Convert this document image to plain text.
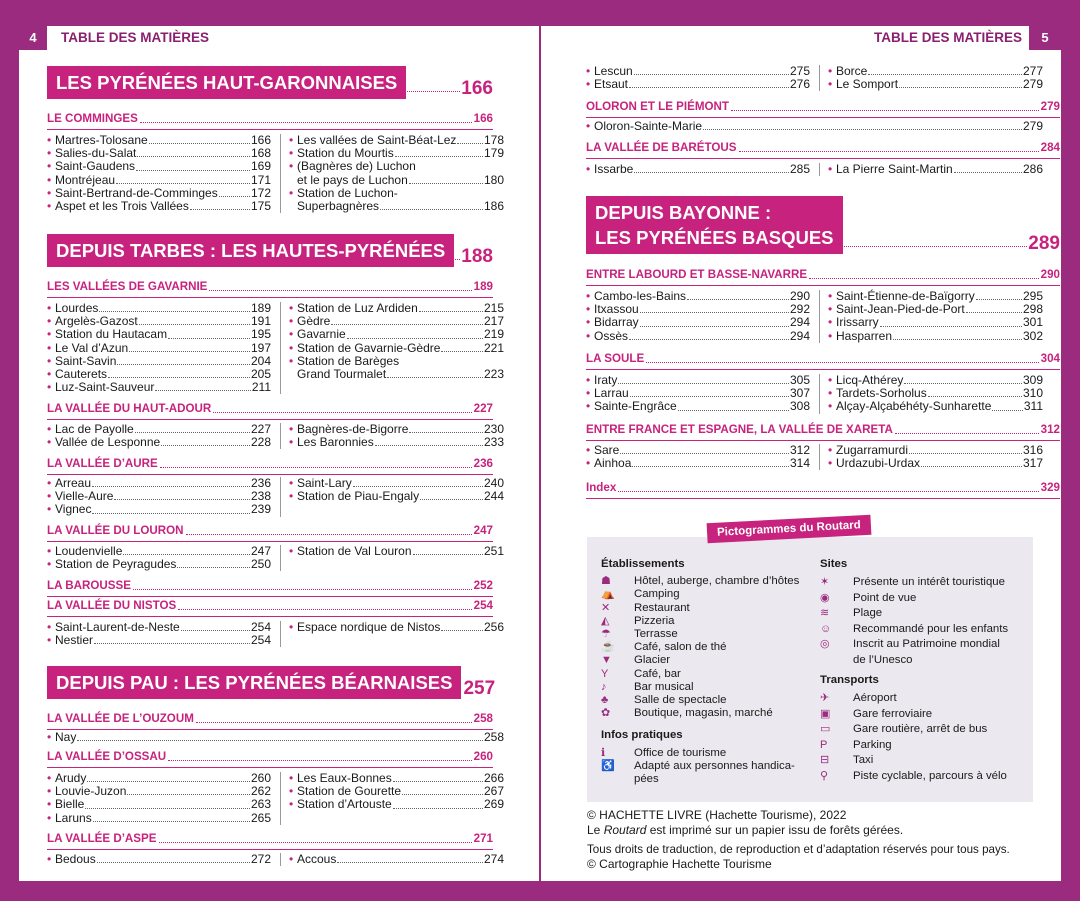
4	TABLE DES MATIÈRES
LES PYRÉNÉES HAUT-GARONNAISES	166
LE COMMINGES	166
• Martres-Tolosane	166
• Salies-du-Salat	168
• Saint-Gaudens	169
• Montréjeau	171
• Saint-Bertrand-de-Comminges	172
• Aspet et les Trois Vallées	175
• Les vallées de Saint-Béat-Lez 178
• Station du Mourtis	179
• (Bagnères de) Luchon
et le pays de Luchon	180
• Station de Luchon-
Superbagnères	186
DEPUIS TARBES : LES HAUTES-PYRÉNÉES 188
LES VALLÉES DE GAVARNIE	189
• Lourdes	189
• Argelès-Gazost	191
• Station du Hautacam	195
• Le Val d’Azun	197
• Saint-Savin	204
• Cauterets	205
• Luz-Saint-Sauveur	211
• Station de Luz Ardiden	215
• Gèdre	217
• Gavarnie	219
• Station de Gavarnie-Gèdre	221
• Station de Barèges
Grand Tourmalet	223
LA VALLÉE DU HAUT-ADOUR	227
• Lac de Payolle	227
• Vallée de Lesponne	228
• Bagnères-de-Bigorre	230
• Les Baronnies	233
LA VALLÉE D’AURE	236
• Arreau	236
• Vielle-Aure	238
• Vignec	239
• Saint-Lary	240
• Station de Piau-Engaly	244
LA VALLÉE DU LOURON	247
• Loudenvielle	247
• Station de Peyragudes	250
• Station de Val Louron	251
LA BAROUSSE	252
LA VALLÉE DU NISTOS	254
• Saint-Laurent-de-Neste	254
• Nestier	254
• Espace nordique de Nistos	256
DEPUIS PAU : LES PYRÉNÉES BÉARNAISES 257
LA VALLÉE DE L’OUZOUM	258
• Nay	258
LA VALLÉE D’OSSAU	260
• Arudy	260
• Louvie-Juzon	262
• Bielle	263
• Laruns	265
• Les Eaux-Bonnes	266
• Station de Gourette	267
• Station d’Artouste	269
LA VALLÉE D’ASPE	271
• Bedous	272 • Accous	274
TABLE DES MATIÈRES	5
• Lescun	275
• Etsaut	276
• Borce	277
• Le Somport	279
OLORON ET LE PIÉMONT	279
• Oloron-Sainte-Marie	279
LA VALLÉE DE BARÉTOUS	284
• Issarbe	285 • La Pierre Saint-Martin	286
DEPUIS BAYONNE :
LES PYRÉNÉES BASQUES	289
ENTRE LABOURD ET BASSE-NAVARRE	290
• Cambo-les-Bains	290
• Itxassou	292
• Bidarray	294
• Ossès	294
• Saint-Étienne-de-Baïgorry	295
• Saint-Jean-Pied-de-Port	298
• Irissarry	301
• Hasparren	302
LA SOULE	304
• Iraty	305
• Larrau	307
• Sainte-Engrâce	308
• Licq-Athérey	309
• Tardets-Sorholus	310
• Alçay-Alçabéhéty-Sunharette	311
ENTRE FRANCE ET ESPAGNE, LA VALLÉE DE XARETA	312
• Sare	312
• Ainhoa	314
• Zugarramurdi	316
• Urdazubi-Urdax	317
Index	329
Pictogrammes du Routard
Établissements
☗	Hôtel, auberge, chambre d’hôtes
⛺	Camping
✕	Restaurant
◭	Pizzeria
☂	Terrasse
☕	Café, salon de thé
▼	Glacier
Y	Café, bar
♪	Bar musical
♣	Salle de spectacle
✿	Boutique, magasin, marché
Infos pratiques
ℹ	Office de tourisme
♿	Adapté aux personnes handica-
pées
Sites
✶	Présente un intérêt touristique
◉	Point de vue
≋	Plage
☺	Recommandé pour les enfants
◎	Inscrit au Patrimoine mondial
de l’Unesco
Transports
✈	Aéroport
▣	Gare ferroviaire
▭	Gare routière, arrêt de bus
P	Parking
⊟	Taxi
⚲	Piste cyclable, parcours à vélo
© HACHETTE LIVRE (Hachette Tourisme), 2022
Le Routard est imprimé sur un papier issu de forêts gérées.
Tous droits de traduction, de reproduction et d’adaptation réservés pour tous pays.
© Cartographie Hachette Tourisme
